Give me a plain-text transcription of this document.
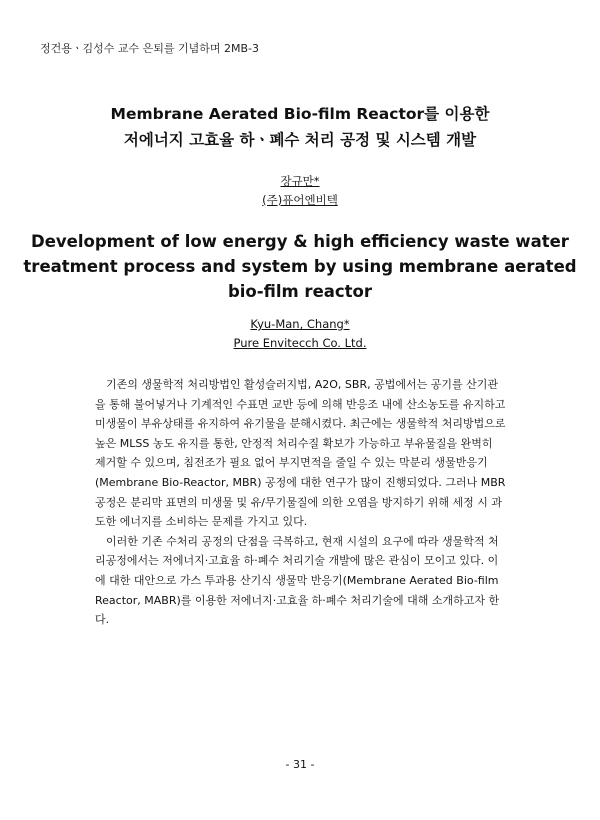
정건용ㆍ김성수 교수 은퇴를 기념하며 2MB-3
Membrane Aerated Bio-film Reactor를 이용한
저에너지 고효율 하ㆍ폐수 처리 공정 및 시스템 개발
장규만*
(주)퓨어엔비텍
Development of low energy & high efficiency waste water
treatment process and system by using membrane aerated
bio-film reactor
Kyu-Man, Chang*
Pure Envitecch Co. Ltd.

기존의 생물학적 처리방법인 활성슬러지법, A2O, SBR, 공법에서는 공기를 산기관을 통해 불어넣거나 기계적인 수표면 교반 등에 의해 반응조 내에 산소농도를 유지하고 미생물이 부유상태를 유지하여 유기물을 분해시켰다. 최근에는 생물학적 처리방법으로 높은 MLSS 농도 유지를 통한, 안정적 처리수질 확보가 가능하고 부유물질을 완벽히 제거할 수 있으며, 침전조가 필요 없어 부지면적을 줄일 수 있는 막분리 생물반응기(Membrane Bio-Reactor, MBR) 공정에 대한 연구가 많이 진행되었다. 그러나 MBR 공정은 분리막 표면의 미생물 및 유/무기물질에 의한 오염을 방지하기 위해 세정 시 과도한 에너지를 소비하는 문제를 가지고 있다.

이러한 기존 수처리 공정의 단점을 극복하고, 현재 시설의 요구에 따라 생물학적 처리공정에서는 저에너지·고효율 하·폐수 처리기술 개발에 많은 관심이 모이고 있다. 이에 대한 대안으로 가스 투과용 산기식 생물막 반응기(Membrane Aerated Bio-film Reactor, MABR)를 이용한 저에너지·고효율 하·폐수 처리기술에 대해 소개하고자 한다.

- 31 -
